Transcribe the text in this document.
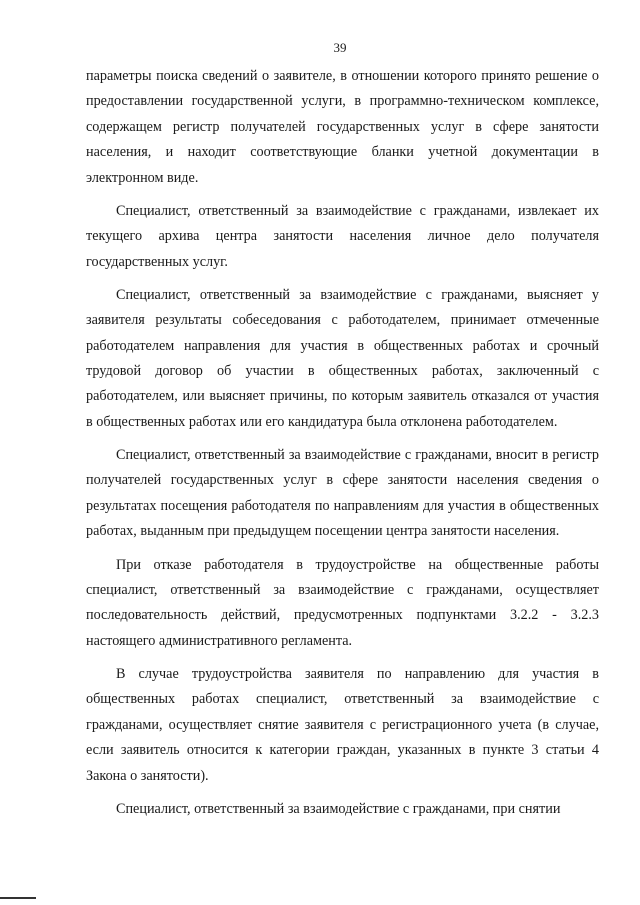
39

параметры поиска сведений о заявителе, в отношении которого принято решение о предоставлении государственной услуги, в программно-техническом комплексе, содержащем регистр получателей государственных услуг в сфере занятости населения, и находит соответствующие бланки учетной документации в электронном виде.

Специалист, ответственный за взаимодействие с гражданами, извлекает их текущего архива центра занятости населения личное дело получателя государственных услуг.

Специалист, ответственный за взаимодействие с гражданами, выясняет у заявителя результаты собеседования с работодателем, принимает отмеченные работодателем направления для участия в общественных работах и срочный трудовой договор об участии в общественных работах, заключенный с работодателем, или выясняет причины, по которым заявитель отказался от участия в общественных работах или его кандидатура была отклонена работодателем.

Специалист, ответственный за взаимодействие с гражданами, вносит в регистр получателей государственных услуг в сфере занятости населения сведения о результатах посещения работодателя по направлениям для участия в общественных работах, выданным при предыдущем посещении центра занятости населения.

При отказе работодателя в трудоустройстве на общественные работы специалист, ответственный за взаимодействие с гражданами, осуществляет последовательность действий, предусмотренных подпунктами 3.2.2 - 3.2.3 настоящего административного регламента.

В случае трудоустройства заявителя по направлению для участия в общественных работах специалист, ответственный за взаимодействие с гражданами, осуществляет снятие заявителя с регистрационного учета (в случае, если заявитель относится к категории граждан, указанных в пункте 3 статьи 4 Закона о занятости).

Специалист, ответственный за взаимодействие с гражданами, при снятии
